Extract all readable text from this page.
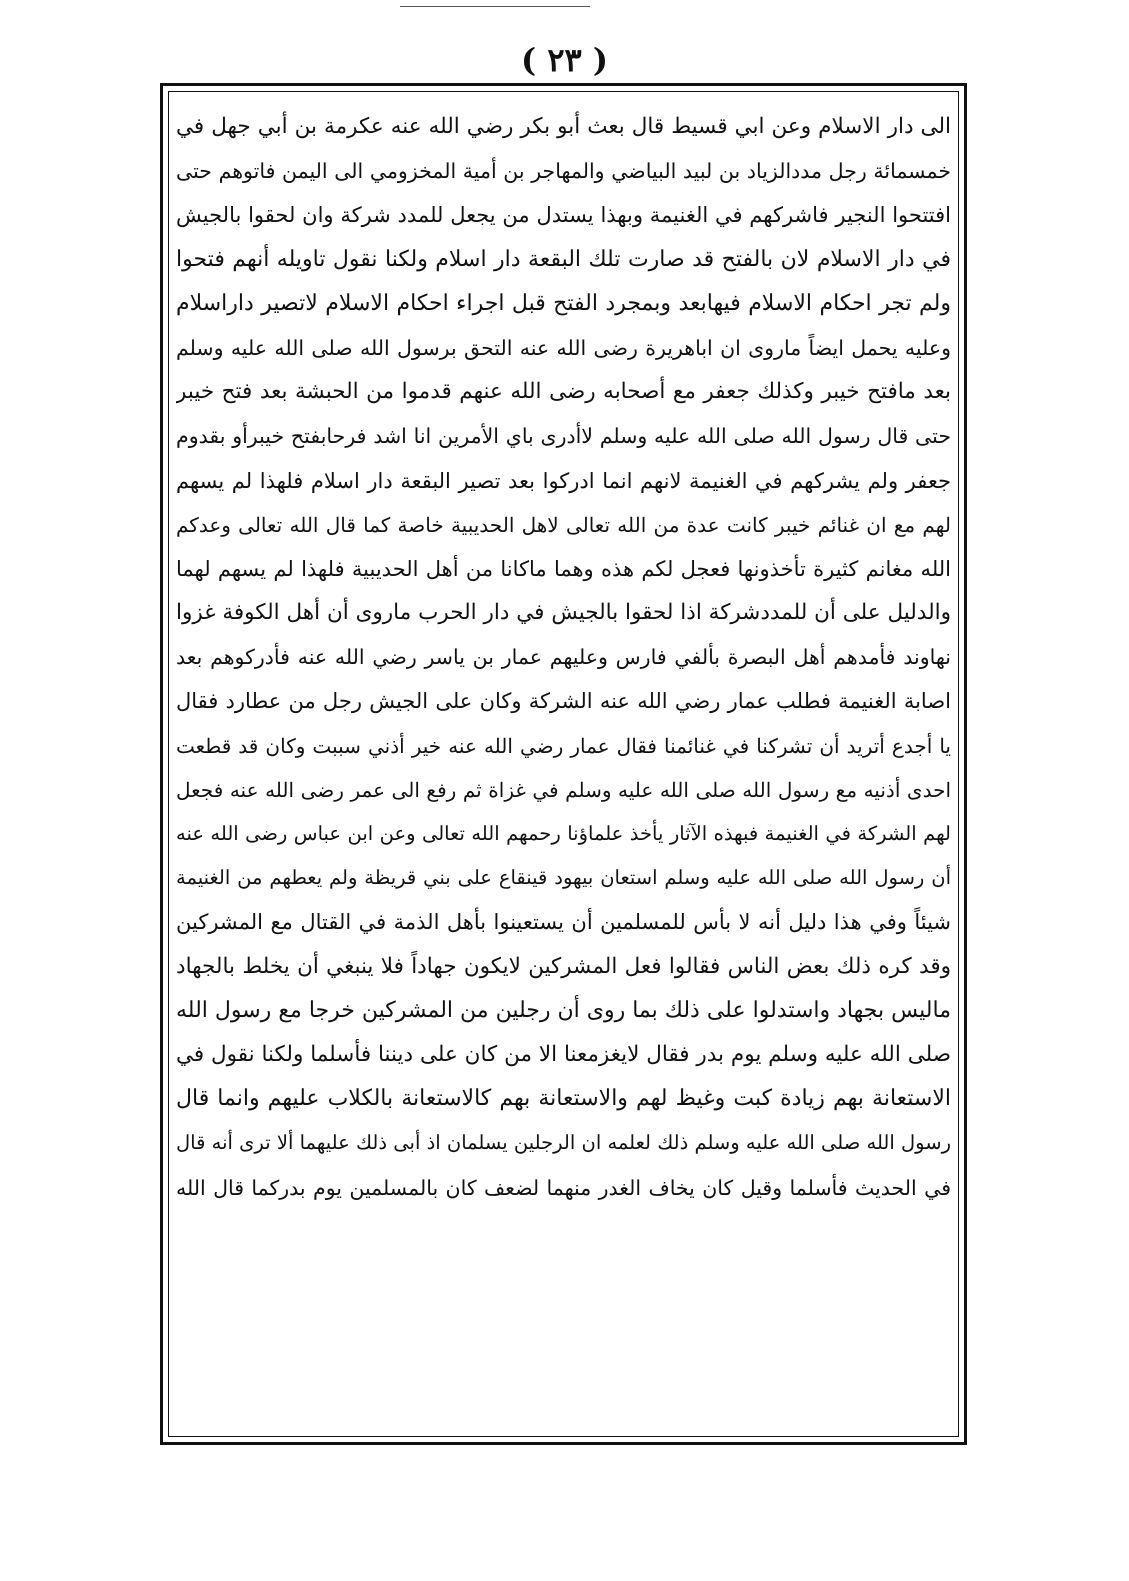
( ٢٣ )
الى دار الاسلام وعن ابي قسيط قال بعث أبو بكر رضي الله عنه عكرمة بن أبي جهل في
خمسمائة رجل مددالزياد بن لبيد البياضي والمهاجر بن أمية المخزومي الى اليمن فاتوهم حتى
افتتحوا النجير فاشركهم في الغنيمة وبهذا يستدل من يجعل للمدد شركة وان لحقوا بالجيش
في دار الاسلام لان بالفتح قد صارت تلك البقعة دار اسلام ولكنا نقول تاويله أنهم فتحوا
ولم تجر احكام الاسلام فيهابعد وبمجرد الفتح قبل اجراء احكام الاسلام لاتصير داراسلام
وعليه يحمل ايضاً ماروى ان اباهريرة رضى الله عنه التحق برسول الله صلى الله عليه وسلم
بعد مافتح خيبر وكذلك جعفر مع أصحابه رضى الله عنهم قدموا من الحبشة بعد فتح خيبر
حتى قال رسول الله صلى الله عليه وسلم لاأدرى باي الأمرين انا اشد فرحابفتح خيبرأو بقدوم
جعفر ولم يشركهم في الغنيمة لانهم انما ادركوا بعد تصير البقعة دار اسلام فلهذا لم يسهم
لهم مع ان غنائم خيبر كانت عدة من الله تعالى لاهل الحديبية خاصة كما قال الله تعالى وعدكم
الله مغانم كثيرة تأخذونها فعجل لكم هذه وهما ماكانا من أهل الحديبية فلهذا لم يسهم لهما
والدليل على أن للمددشركة اذا لحقوا بالجيش في دار الحرب ماروى أن أهل الكوفة غزوا
نهاوند فأمدهم أهل البصرة بألفي فارس وعليهم عمار بن ياسر رضي الله عنه فأدركوهم بعد
اصابة الغنيمة فطلب عمار رضي الله عنه الشركة وكان على الجيش رجل من عطارد فقال
يا أجدع أتريد أن تشركنا في غنائمنا فقال عمار رضي الله عنه خير أذني سببت وكان قد قطعت
احدى أذنيه مع رسول الله صلى الله عليه وسلم في غزاة ثم رفع الى عمر رضى الله عنه فجعل
لهم الشركة في الغنيمة فبهذه الآثار يأخذ علماؤنا رحمهم الله تعالى وعن ابن عباس رضى الله عنه
أن رسول الله صلى الله عليه وسلم استعان بيهود قينقاع على بني قريظة ولم يعطهم من الغنيمة
شيئاً وفي هذا دليل أنه لا بأس للمسلمين أن يستعينوا بأهل الذمة في القتال مع المشركين
وقد كره ذلك بعض الناس فقالوا فعل المشركين لايكون جهاداً فلا ينبغي أن يخلط بالجهاد
ماليس بجهاد واستدلوا على ذلك بما روى أن رجلين من المشركين خرجا مع رسول الله
صلى الله عليه وسلم يوم بدر فقال لايغزمعنا الا من كان على ديننا فأسلما ولكنا نقول في
الاستعانة بهم زيادة كبت وغيظ لهم والاستعانة بهم كالاستعانة بالكلاب عليهم وانما قال
رسول الله صلى الله عليه وسلم ذلك لعلمه ان الرجلين يسلمان اذ أبى ذلك عليهما ألا ترى أنه قال
في الحديث فأسلما وقيل كان يخاف الغدر منهما لضعف كان بالمسلمين يوم بدركما قال الله
